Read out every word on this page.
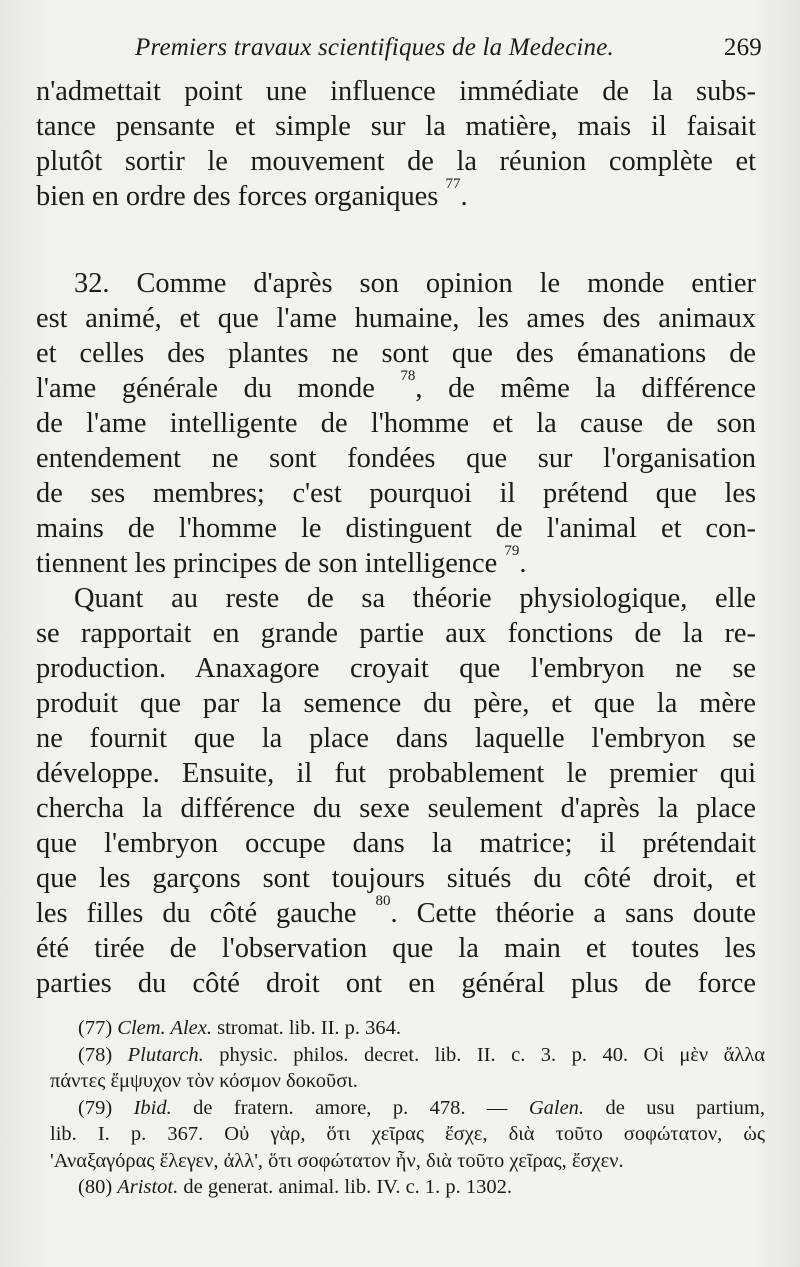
Premiers travaux scientifiques de la Medecine.	269
n'admettait point une influence immédiate de la subs-
tance pensante et simple sur la matière, mais il faisait
plutôt sortir le mouvement de la réunion complète et
bien en ordre des forces organiques $^{77}$.
32. Comme d'après son opinion le monde entier
est animé, et que l'ame humaine, les ames des animaux
et celles des plantes ne sont que des émanations de
l'ame générale du monde $^{78}$, de même la différence
de l'ame intelligente de l'homme et la cause de son
entendement ne sont fondées que sur l'organisation
de ses membres; c'est pourquoi il prétend que les
mains de l'homme le distinguent de l'animal et con-
tiennent les principes de son intelligence $^{79}$.
Quant au reste de sa théorie physiologique, elle
se rapportait en grande partie aux fonctions de la re-
production. Anaxagore croyait que l'embryon ne se
produit que par la semence du père, et que la mère
ne fournit que la place dans laquelle l'embryon se
développe. Ensuite, il fut probablement le premier qui
chercha la différence du sexe seulement d'après la place
que l'embryon occupe dans la matrice; il prétendait
que les garçons sont toujours situés du côté droit, et
les filles du côté gauche $^{80}$. Cette théorie a sans doute
été tirée de l'observation que la main et toutes les
parties du côté droit ont en général plus de force
(77) Clem. Alex. stromat. lib. II. p. 364.
(78) Plutarch. physic. philos. decret. lib. II. c. 3. p. 40. Οἱ μὲν ἄλλα
πάντες ἔμψυχον τὸν κόσμον δοκοῦσι.
(79) Ibid. de fratern. amore, p. 478. — Galen. de usu partium,
lib. I. p. 367. Οὐ γὰρ, ὅτι χεῖρας ἔσχε, διὰ τοῦτο σοφώτατον, ὡς
'Αναξαγόρας ἔλεγεν, ἀλλ', ὅτι σοφώτατον ἦν, διὰ τοῦτο χεῖρας, ἔσχεν.
(80) Aristot. de generat. animal. lib. IV. c. 1. p. 1302.
